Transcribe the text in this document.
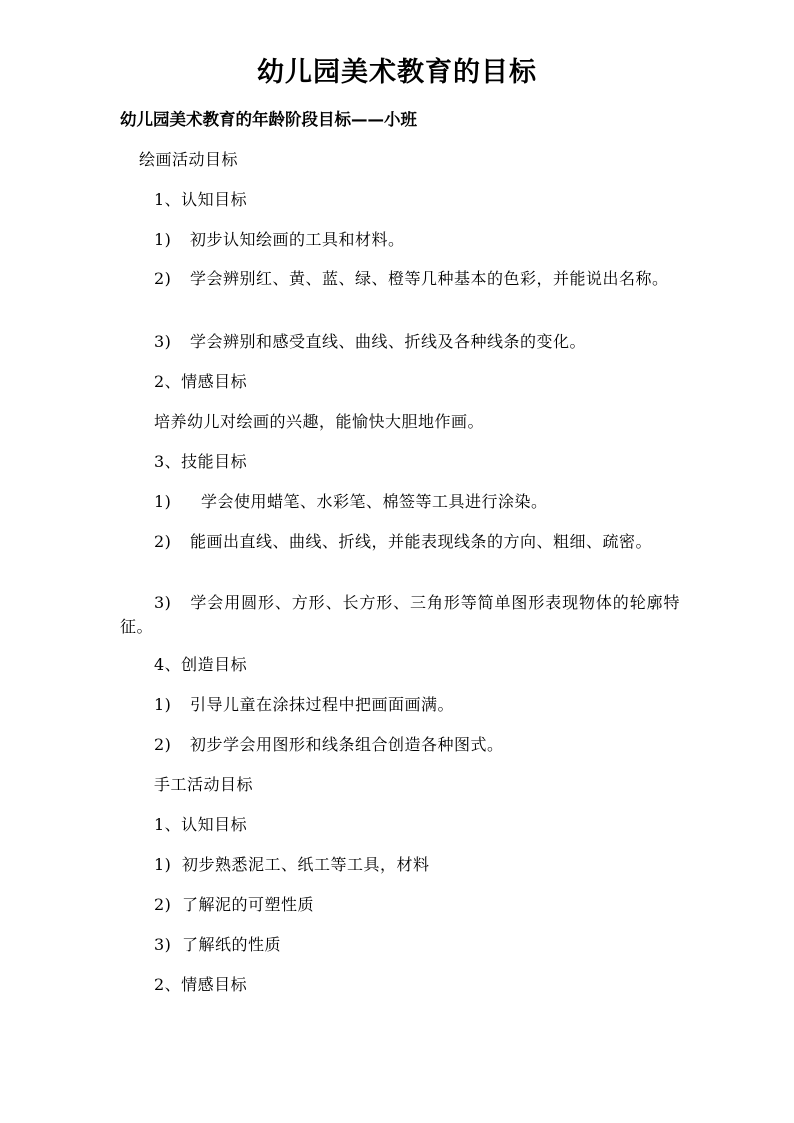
幼儿园美术教育的目标
幼儿园美术教育的年龄阶段目标——小班
绘画活动目标
1、认知目标
1) 初步认知绘画的工具和材料。
2) 学会辨别红、黄、蓝、绿、橙等几种基本的色彩，并能说出名称。
3) 学会辨别和感受直线、曲线、折线及各种线条的变化。
2、情感目标
培养幼儿对绘画的兴趣，能愉快大胆地作画。
3、技能目标
1) 学会使用蜡笔、水彩笔、棉签等工具进行涂染。
2) 能画出直线、曲线、折线，并能表现线条的方向、粗细、疏密。
3) 学会用圆形、方形、长方形、三角形等简单图形表现物体的轮廓特征。
4、创造目标
1) 引导儿童在涂抹过程中把画面画满。
2) 初步学会用图形和线条组合创造各种图式。
手工活动目标
1、认知目标
1) 初步熟悉泥工、纸工等工具，材料
2) 了解泥的可塑性质
3) 了解纸的性质
2、情感目标
